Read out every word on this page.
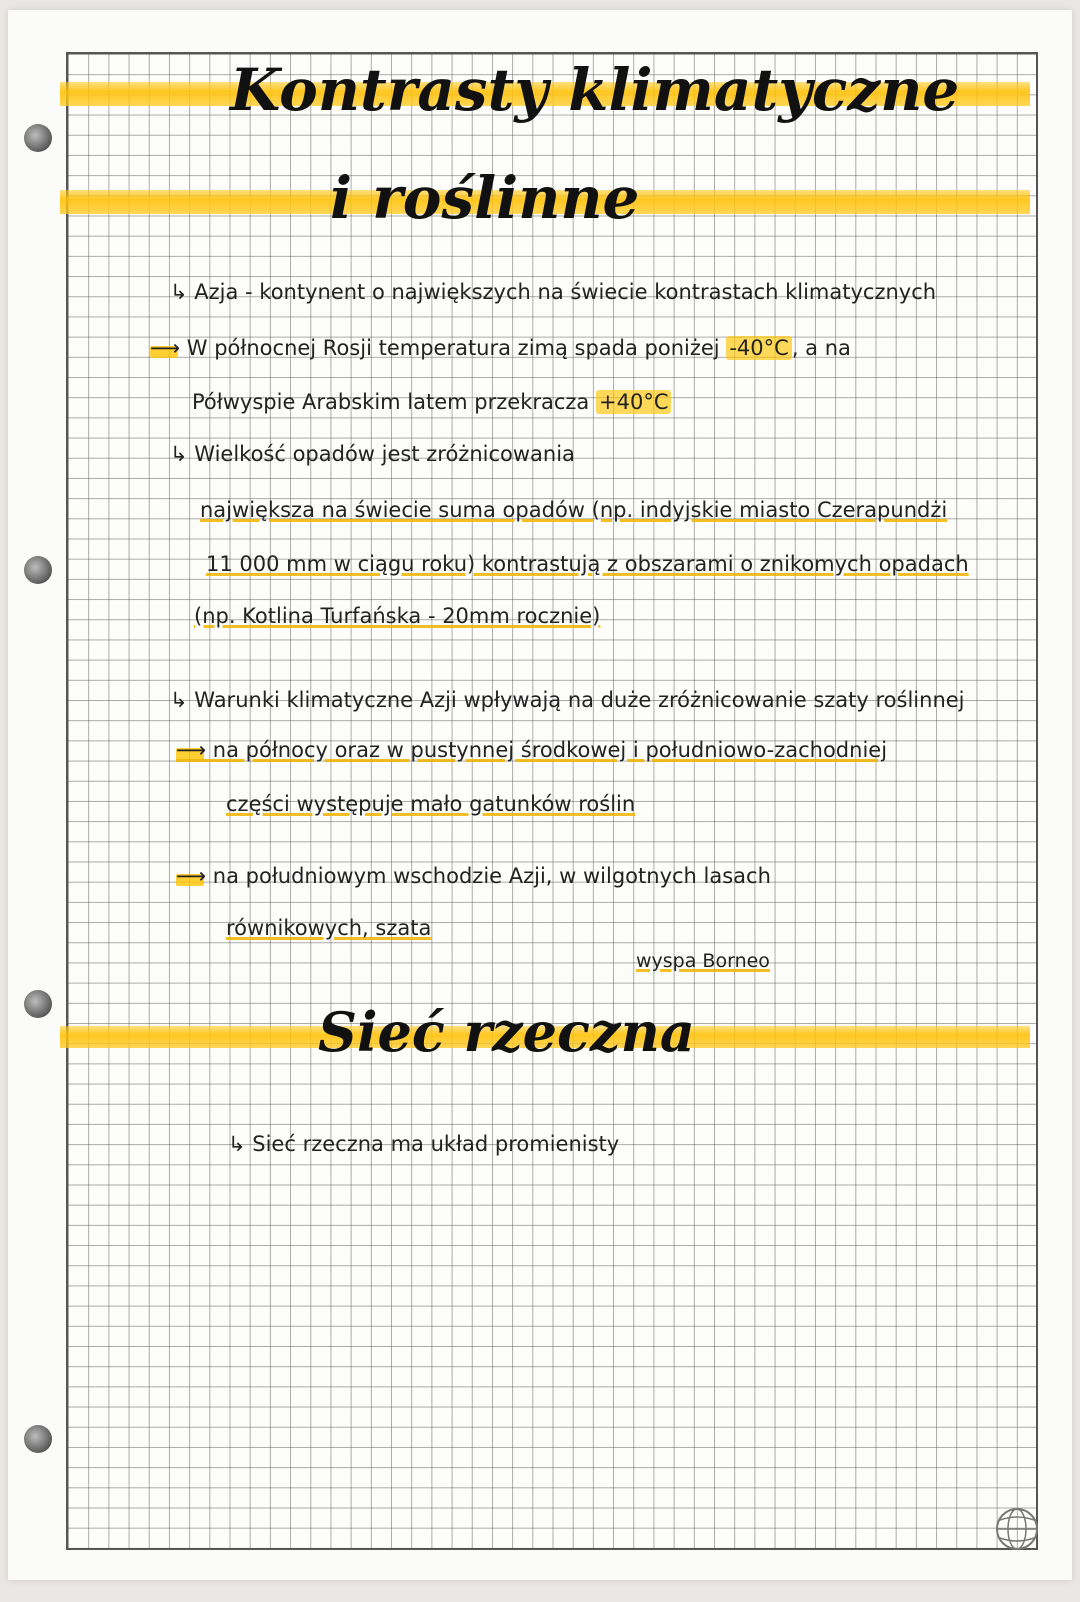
Kontrasty klimatyczne
i roślinne
↳ Azja - kontynent o największych na świecie kontrastach klimatycznych
⟶ W północnej Rosji temperatura zimą spada poniżej -40°C , a na
Półwyspie Arabskim latem przekracza +40°C
↳ Wielkość opadów jest zróżnicowania
największa na świecie suma opadów (np. indyjskie miasto Czerapundżi
11 000 mm w ciągu roku) kontrastują z obszarami o znikomych opadach
(np. Kotlina Turfańska - 20mm rocznie)
↳ Warunki klimatyczne Azji wpływają na duże zróżnicowanie szaty roślinnej
⟶ na północy oraz w pustynnej środkowej i południowo-zachodniej
części występuje mało gatunków roślin
⟶ na południowym wschodzie Azji, w wilgotnych lasach
równikowych, szata
wyspa Borneo
Sieć rzeczna
↳ Sieć rzeczna ma układ promienisty
